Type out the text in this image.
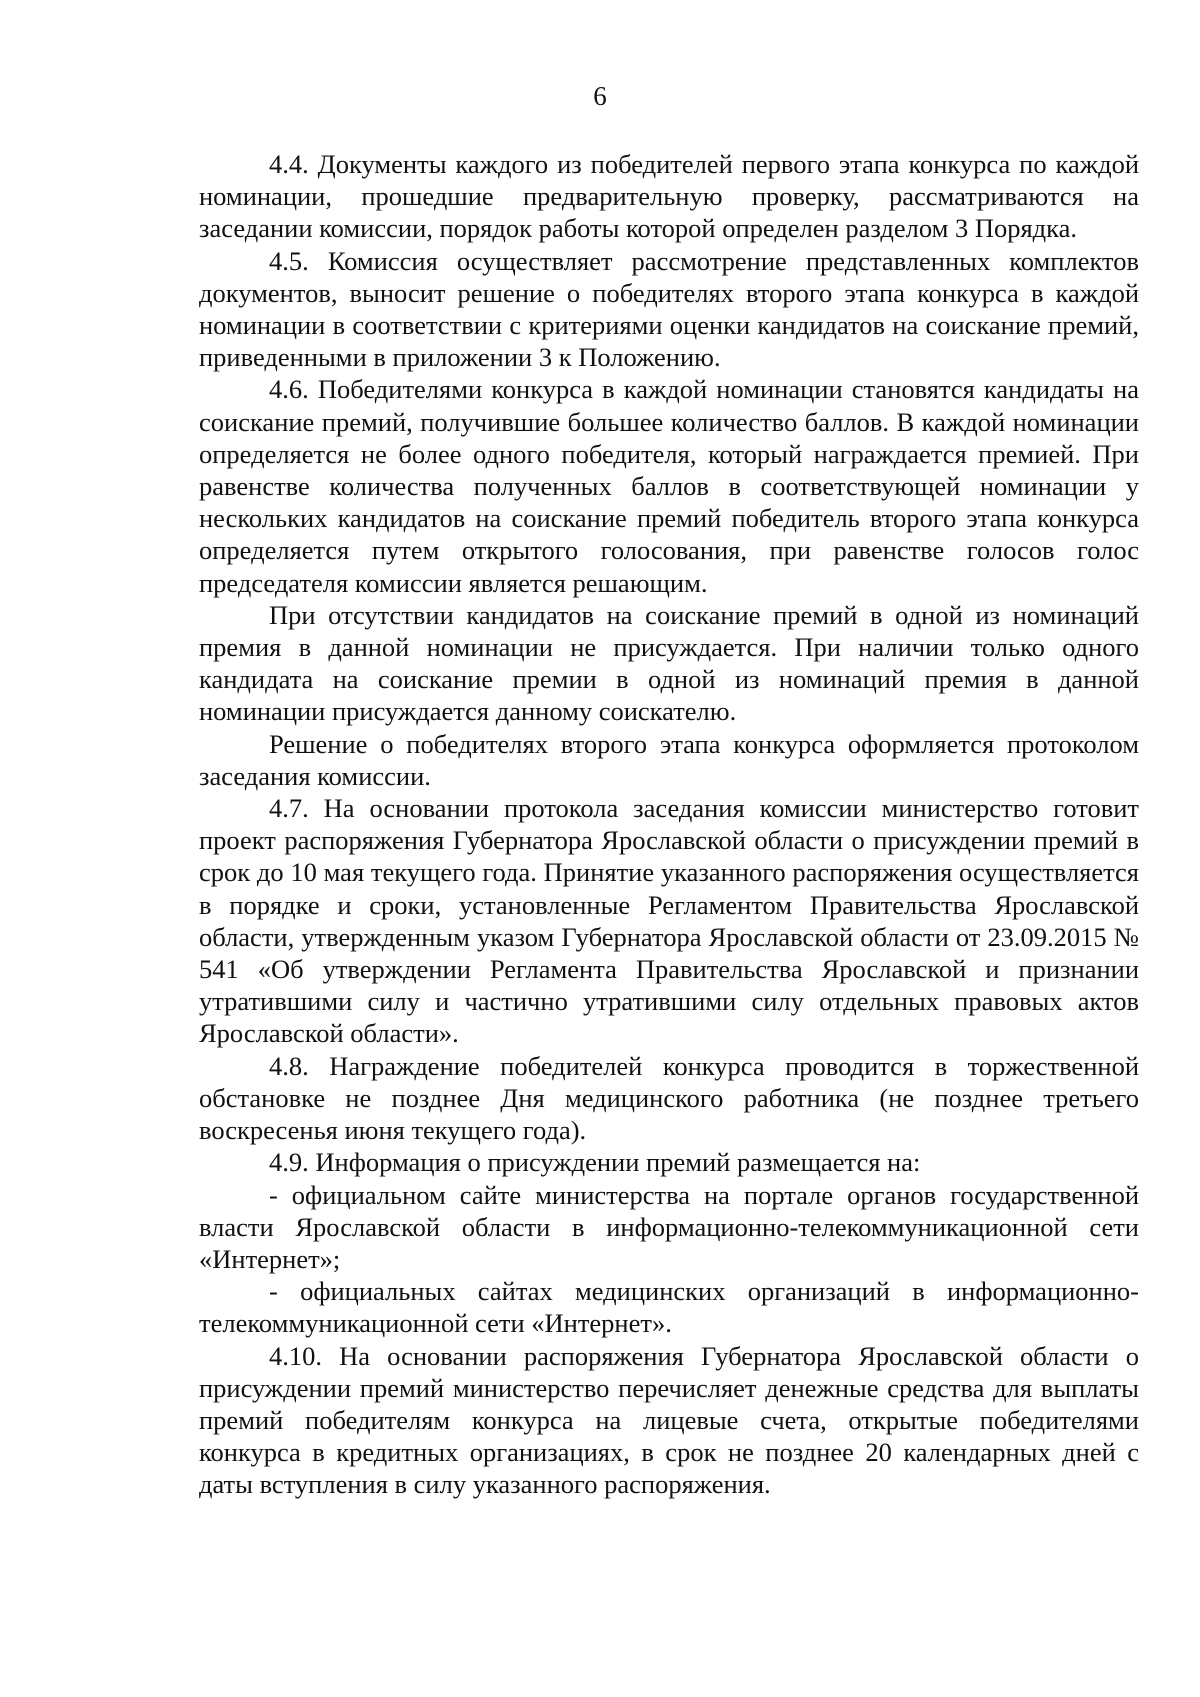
6

4.4. Документы каждого из победителей первого этапа конкурса по каждой номинации, прошедшие предварительную проверку, рассматриваются на заседании комиссии, порядок работы которой определен разделом 3 Порядка.

4.5. Комиссия осуществляет рассмотрение представленных комплектов документов, выносит решение о победителях второго этапа конкурса в каждой номинации в соответствии с критериями оценки кандидатов на соискание премий, приведенными в приложении 3 к Положению.

4.6. Победителями конкурса в каждой номинации становятся кандидаты на соискание премий, получившие большее количество баллов. В каждой номинации определяется не более одного победителя, который награждается премией. При равенстве количества полученных баллов в соответствующей номинации у нескольких кандидатов на соискание премий победитель второго этапа конкурса определяется путем открытого голосования, при равенстве голосов голос председателя комиссии является решающим.

При отсутствии кандидатов на соискание премий в одной из номинаций премия в данной номинации не присуждается. При наличии только одного кандидата на соискание премии в одной из номинаций премия в данной номинации присуждается данному соискателю.

Решение о победителях второго этапа конкурса оформляется протоколом заседания комиссии.

4.7. На основании протокола заседания комиссии министерство готовит проект распоряжения Губернатора Ярославской области о присуждении премий в срок до 10 мая текущего года. Принятие указанного распоряжения осуществляется в порядке и сроки, установленные Регламентом Правительства Ярославской области, утвержденным указом Губернатора Ярославской области от 23.09.2015 № 541 «Об утверждении Регламента Правительства Ярославской и признании утратившими силу и частично утратившими силу отдельных правовых актов Ярославской области».

4.8. Награждение победителей конкурса проводится в торжественной обстановке не позднее Дня медицинского работника (не позднее третьего воскресенья июня текущего года).

4.9. Информация о присуждении премий размещается на:

- официальном сайте министерства на портале органов государственной власти Ярославской области в информационно-телекоммуникационной сети «Интернет»;

- официальных сайтах медицинских организаций в информационно-телекоммуникационной сети «Интернет».

4.10. На основании распоряжения Губернатора Ярославской области о присуждении премий министерство перечисляет денежные средства для выплаты премий победителям конкурса на лицевые счета, открытые победителями конкурса в кредитных организациях, в срок не позднее 20 календарных дней с даты вступления в силу указанного распоряжения.
